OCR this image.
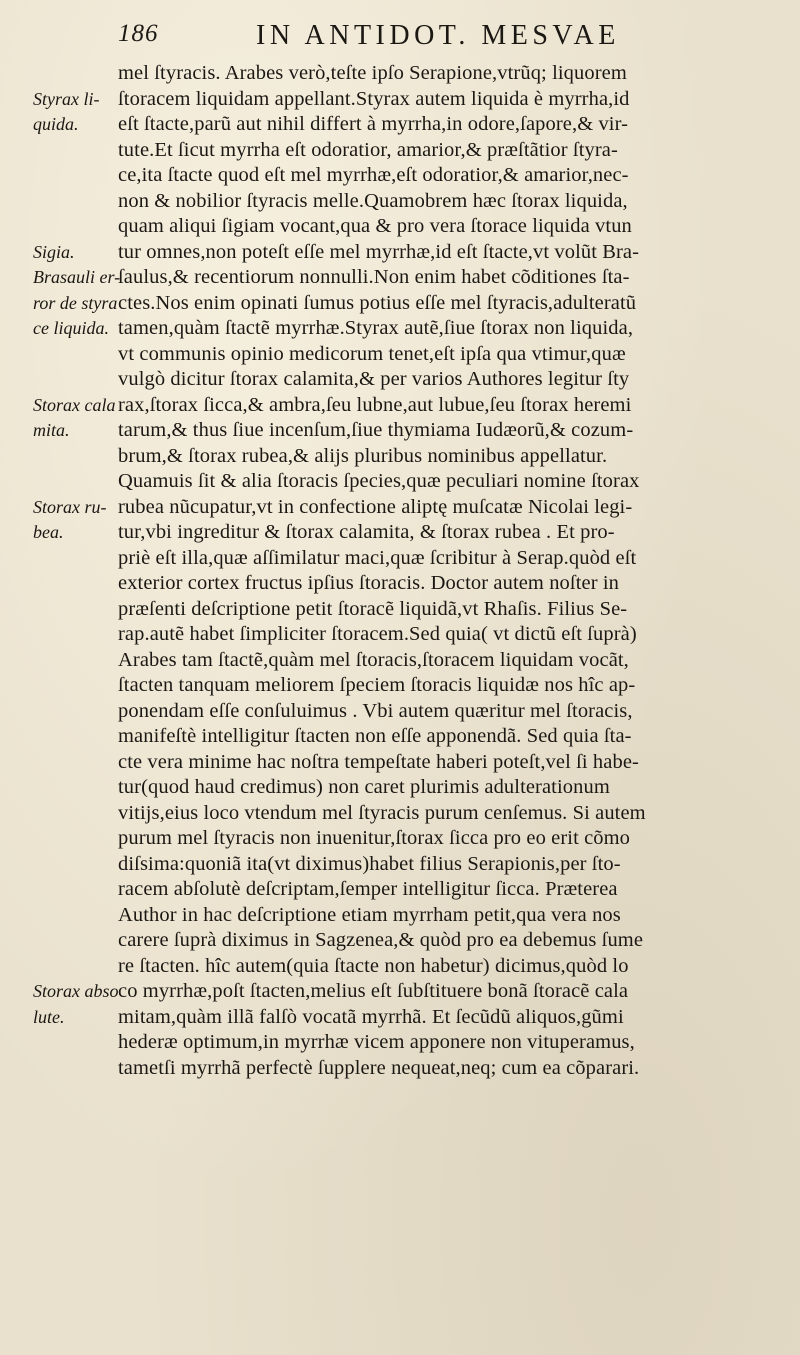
186	IN ANTIDOT. MESVAE
Styrax li-
quida.
Sigia.
Brasauli er-
ror de styra
ce liquida.
Storax cala
mita.
Storax ru-
bea.
Storax abso
lute.
mel ſtyracis. Arabes verò,teſte ipſo Serapione,vtrũq; liquorem
ſtoracem liquidam appellant.Styrax autem liquida è myrrha,id
eſt ſtacte,parũ aut nihil differt à myrrha,in odore,ſapore,& vir-
tute.Et ſicut myrrha eſt odoratior, amarior,& præſtãtior ſtyra-
ce,ita ſtacte quod eſt mel myrrhæ,eſt odoratior,& amarior,nec-
non & nobilior ſtyracis melle.Quamobrem hæc ſtorax liquida,
quam aliqui ſigiam vocant,qua & pro vera ſtorace liquida vtun
tur omnes,non poteſt eſſe mel myrrhæ,id eſt ſtacte,vt volũt Bra-
ſaulus,& recentiorum nonnulli.Non enim habet cõditiones ſta-
ctes.Nos enim opinati ſumus potius eſſe mel ſtyracis,adulteratũ
tamen,quàm ſtactẽ myrrhæ.Styrax autẽ,ſiue ſtorax non liquida,
vt communis opinio medicorum tenet,eſt ipſa qua vtimur,quæ
vulgò dicitur ſtorax calamita,& per varios Authores legitur ſty
rax,ſtorax ſicca,& ambra,ſeu lubne,aut lubue,ſeu ſtorax heremi
tarum,& thus ſiue incenſum,ſiue thymiama Iudæorũ,& cozum-
brum,& ſtorax rubea,& alijs pluribus nominibus appellatur.
Quamuis ſit & alia ſtoracis ſpecies,quæ peculiari nomine ſtorax
rubea nũcupatur,vt in confectione aliptę muſcatæ Nicolai legi-
tur,vbi ingreditur & ſtorax calamita, & ſtorax rubea . Et pro-
priè eſt illa,quæ aſſimilatur maci,quæ ſcribitur à Serap.quòd eſt
exterior cortex fructus ipſius ſtoracis. Doctor autem noſter in
præſenti deſcriptione petit ſtoracẽ liquidã,vt Rhaſis. Filius Se-
rap.autẽ habet ſimpliciter ſtoracem.Sed quia( vt dictũ eſt ſuprà)
Arabes tam ſtactẽ,quàm mel ſtoracis,ſtoracem liquidam vocãt,
ſtacten tanquam meliorem ſpeciem ſtoracis liquidæ nos hîc ap-
ponendam eſſe conſuluimus . Vbi autem quæritur mel ſtoracis,
manifeſtè intelligitur ſtacten non eſſe apponendã. Sed quia ſta-
cte vera minime hac noſtra tempeſtate haberi poteſt,vel ſi habe-
tur(quod haud credimus) non caret plurimis adulterationum
vitijs,eius loco vtendum mel ſtyracis purum cenſemus. Si autem
purum mel ſtyracis non inuenitur,ſtorax ſicca pro eo erit cõmo
diſsima:quoniã ita(vt diximus)habet filius Serapionis,per ſto-
racem abſolutè deſcriptam,ſemper intelligitur ſicca. Præterea
Author in hac deſcriptione etiam myrrham petit,qua vera nos
carere ſuprà diximus in Sagzenea,& quòd pro ea debemus ſume
re ſtacten. hîc autem(quia ſtacte non habetur) dicimus,quòd lo
co myrrhæ,poſt ſtacten,melius eſt ſubſtituere bonã ſtoracẽ cala
mitam,quàm illã falſò vocatã myrrhã. Et ſecũdũ aliquos,gũmi
hederæ optimum,in myrrhæ vicem apponere non vituperamus,
tametſi myrrhã perfectè ſupplere nequeat,neq; cum ea cõparari.
